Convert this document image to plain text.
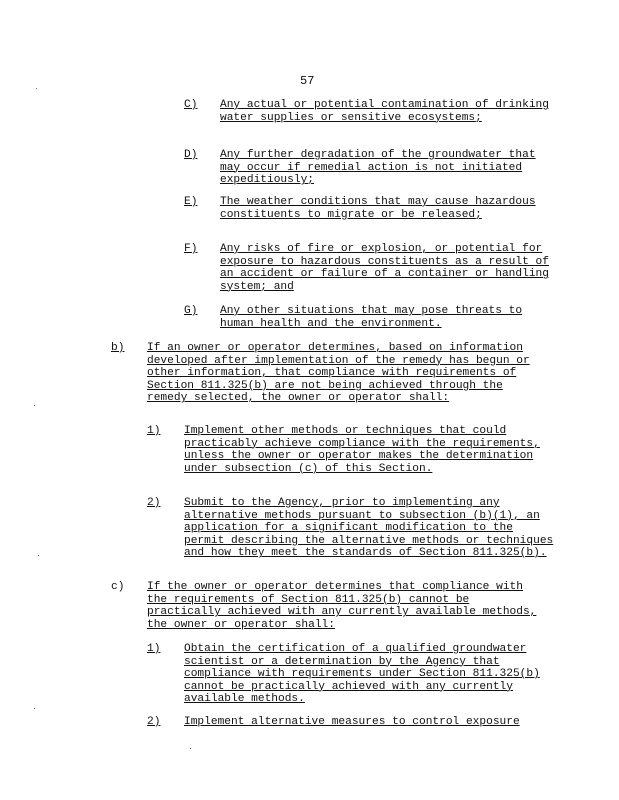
57
C) Any actual or potential contamination of drinking water supplies or sensitive ecosystems;
D) Any further degradation of the groundwater that may occur if remedial action is not initiated expeditiously;
E) The weather conditions that may cause hazardous constituents to migrate or be released;
F) Any risks of fire or explosion, or potential for exposure to hazardous constituents as a result of an accident or failure of a container or handling system; and
G) Any other situations that may pose threats to human health and the environment.
b) If an owner or operator determines, based on information developed after implementation of the remedy has begun or other information, that compliance with requirements of Section 811.325(b) are not being achieved through the remedy selected, the owner or operator shall:
1) Implement other methods or techniques that could practicably achieve compliance with the requirements, unless the owner or operator makes the determination under subsection (c) of this Section.
2) Submit to the Agency, prior to implementing any alternative methods pursuant to subsection (b)(1), an application for a significant modification to the permit describing the alternative methods or techniques and how they meet the standards of Section 811.325(b).
c) If the owner or operator determines that compliance with the requirements of Section 811.325(b) cannot be practically achieved with any currently available methods, the owner or operator shall:
1) Obtain the certification of a qualified groundwater scientist or a determination by the Agency that compliance with requirements under Section 811.325(b) cannot be practically achieved with any currently available methods.
2) Implement alternative measures to control exposure
